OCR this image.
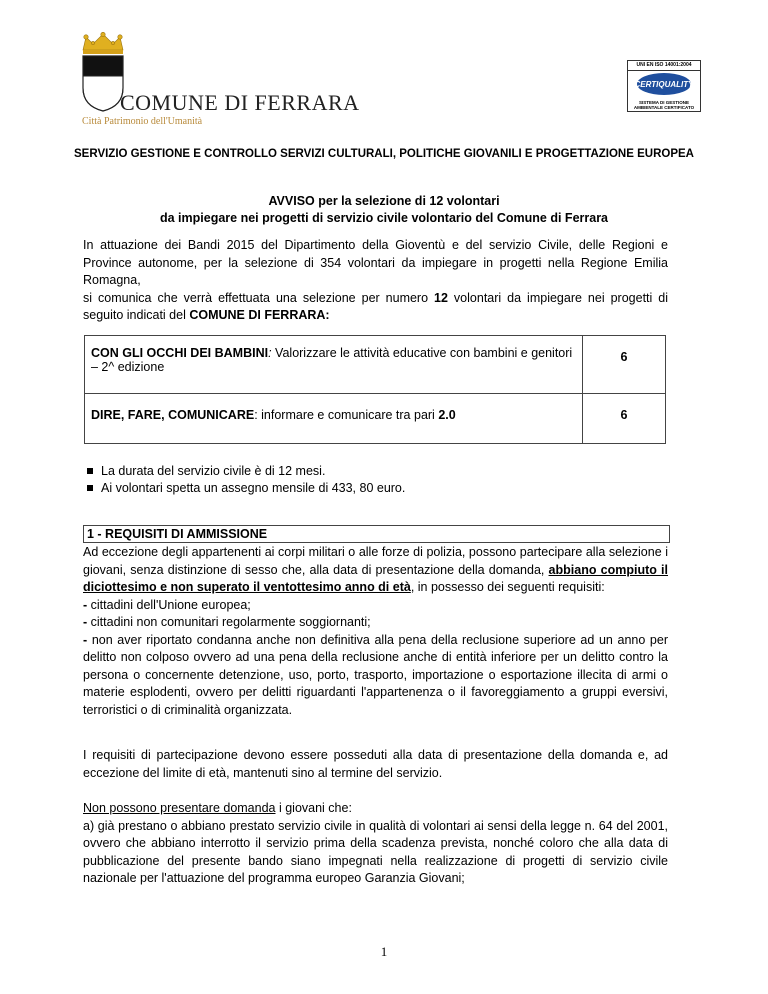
COMUNE DI FERRARA
Città Patrimonio dell'Umanità
UNI EN ISO 14001:2004
CERTIQUALITY
SISTEMA DI GESTIONE
AMBIENTALE CERTIFICATO
SERVIZIO GESTIONE E CONTROLLO SERVIZI CULTURALI, POLITICHE GIOVANILI E PROGETTAZIONE EUROPEA
AVVISO per la selezione di 12 volontari
da impiegare nei progetti di servizio civile volontario del Comune di Ferrara

In attuazione dei Bandi 2015 del Dipartimento della Gioventù e del servizio Civile, delle Regioni e Province autonome, per la selezione di 354 volontari da impiegare in progetti nella Regione Emilia Romagna,

si comunica che verrà effettuata una selezione per numero 12 volontari da impiegare nei progetti di seguito indicati del COMUNE DI FERRARA:

CON GLI OCCHI DEI BAMBINI: Valorizzare le attività educative con bambini e genitori – 2^ edizione	6
DIRE, FARE, COMUNICARE: informare e comunicare tra pari 2.0	6
La durata del servizio civile è di 12 mesi.
Ai volontari spetta un assegno mensile di 433, 80 euro.
1 - REQUISITI DI AMMISSIONE

Ad eccezione degli appartenenti ai corpi militari o alle forze di polizia, possono partecipare alla selezione i giovani, senza distinzione di sesso che, alla data di presentazione della domanda, abbiano compiuto il diciottesimo e non superato il ventottesimo anno di età, in possesso dei seguenti requisiti:

- cittadini dell'Unione europea;

- cittadini non comunitari regolarmente soggiornanti;

- non aver riportato condanna anche non definitiva alla pena della reclusione superiore ad un anno per delitto non colposo ovvero ad una pena della reclusione anche di entità inferiore per un delitto contro la persona o concernente detenzione, uso, porto, trasporto, importazione o esportazione illecita di armi o materie esplodenti, ovvero per delitti riguardanti l'appartenenza o il favoreggiamento a gruppi eversivi, terroristici o di criminalità organizzata.

I requisiti di partecipazione devono essere posseduti alla data di presentazione della domanda e, ad eccezione del limite di età, mantenuti sino al termine del servizio.

Non possono presentare domanda i giovani che:

a) già prestano o abbiano prestato servizio civile in qualità di volontari ai sensi della legge n. 64 del 2001, ovvero che abbiano interrotto il servizio prima della scadenza prevista, nonché coloro che alla data di pubblicazione del presente bando siano impegnati nella realizzazione di progetti di servizio civile nazionale per l'attuazione del programma europeo Garanzia Giovani;

1
